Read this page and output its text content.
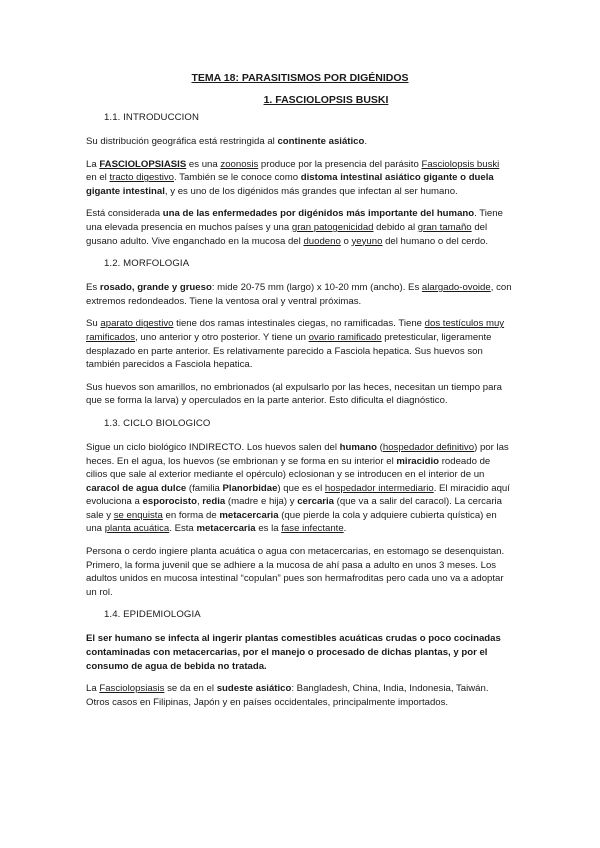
TEMA 18: PARASITISMOS POR DIGÉNIDOS
1. FASCIOLOPSIS BUSKI
1.1. INTRODUCCION

Su distribución geográfica está restringida al continente asiático.

La FASCIOLOPSIASIS es una zoonosis produce por la presencia del parásito Fasciolopsis buski en el tracto digestivo. También se le conoce como distoma intestinal asiático gigante o duela gigante intestinal, y es uno de los digénidos más grandes que infectan al ser humano.

Está considerada una de las enfermedades por digénidos más importante del humano. Tiene una elevada presencia en muchos países y una gran patogenicidad debido al gran tamaño del gusano adulto. Vive enganchado en la mucosa del duodeno o yeyuno del humano o del cerdo.

1.2. MORFOLOGIA

Es rosado, grande y grueso: mide 20-75 mm (largo) x 10-20 mm (ancho). Es alargado-ovoide, con extremos redondeados. Tiene la ventosa oral y ventral próximas.

Su aparato digestivo tiene dos ramas intestinales ciegas, no ramificadas. Tiene dos testículos muy ramificados, uno anterior y otro posterior. Y tiene un ovario ramificado pretesticular, ligeramente desplazado en parte anterior. Es relativamente parecido a Fasciola hepatica. Sus huevos son también parecidos a Fasciola hepatica.

Sus huevos son amarillos, no embrionados (al expulsarlo por las heces, necesitan un tiempo para que se forma la larva) y operculados en la parte anterior. Esto dificulta el diagnóstico.

1.3. CICLO BIOLOGICO

Sigue un ciclo biológico INDIRECTO. Los huevos salen del humano (hospedador definitivo) por las heces. En el agua, los huevos (se embrionan y se forma en su interior el miracidio rodeado de cilios que sale al exterior mediante el opérculo) eclosionan y se introducen en el interior de un caracol de agua dulce (familia Planorbidae) que es el hospedador intermediario. El miracidio aquí evoluciona a esporocisto, redia (madre e hija) y cercaria (que va a salir del caracol). La cercaria sale y se enquista en forma de metacercaria (que pierde la cola y adquiere cubierta quística) en una planta acuática. Esta metacercaria es la fase infectante.

Persona o cerdo ingiere planta acuática o agua con metacercarias, en estomago se desenquistan. Primero, la forma juvenil que se adhiere a la mucosa de ahí pasa a adulto en unos 3 meses. Los adultos unidos en mucosa intestinal “copulan” pues son hermafroditas pero cada uno va a adoptar un rol.

1.4. EPIDEMIOLOGIA

El ser humano se infecta al ingerir plantas comestibles acuáticas crudas o poco cocinadas contaminadas con metacercarias, por el manejo o procesado de dichas plantas, y por el consumo de agua de bebida no tratada.

La Fasciolopsiasis se da en el sudeste asiático: Bangladesh, China, India, Indonesia, Taiwán. Otros casos en Filipinas, Japón y en países occidentales, principalmente importados.
